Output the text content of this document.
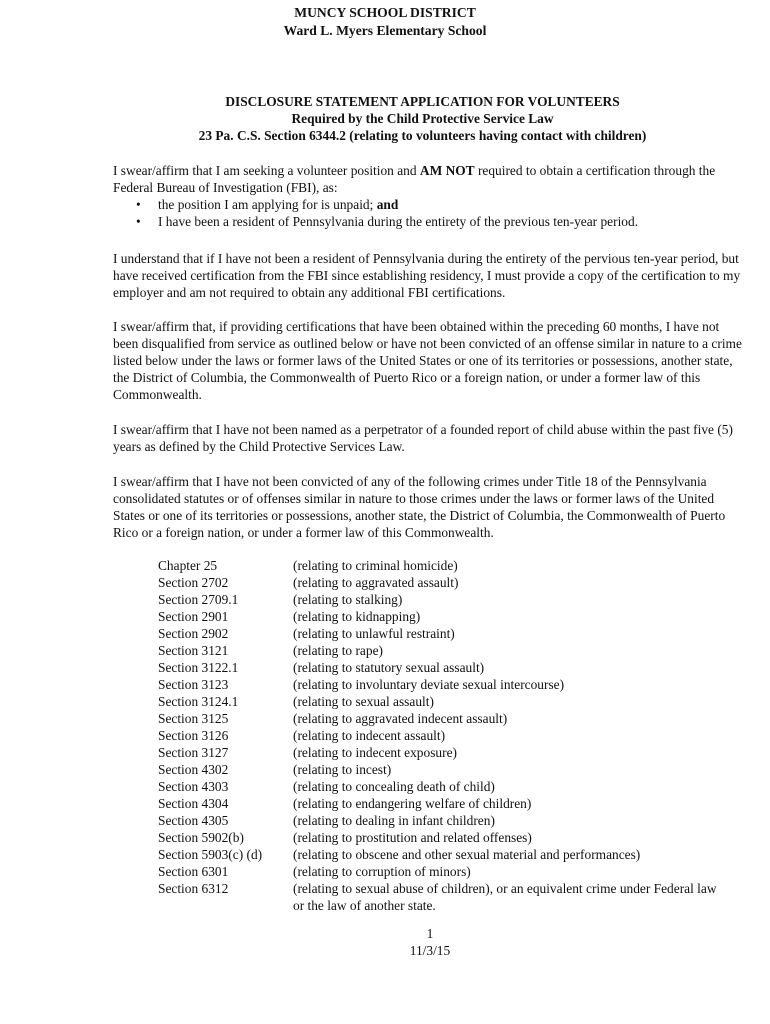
MUNCY SCHOOL DISTRICT
Ward L. Myers Elementary School
DISCLOSURE STATEMENT APPLICATION FOR VOLUNTEERS
Required by the Child Protective Service Law
23 Pa. C.S. Section 6344.2 (relating to volunteers having contact with children)
I swear/affirm that I am seeking a volunteer position and AM NOT required to obtain a certification through the Federal Bureau of Investigation (FBI), as:
• the position I am applying for is unpaid; and
• I have been a resident of Pennsylvania during the entirety of the previous ten-year period.

I understand that if I have not been a resident of Pennsylvania during the entirety of the pervious ten-year period, but have received certification from the FBI since establishing residency, I must provide a copy of the certification to my employer and am not required to obtain any additional FBI certifications.

I swear/affirm that, if providing certifications that have been obtained within the preceding 60 months, I have not been disqualified from service as outlined below or have not been convicted of an offense similar in nature to a crime listed below under the laws or former laws of the United States or one of its territories or possessions, another state, the District of Columbia, the Commonwealth of Puerto Rico or a foreign nation, or under a former law of this Commonwealth.

I swear/affirm that I have not been named as a perpetrator of a founded report of child abuse within the past five (5) years as defined by the Child Protective Services Law.

I swear/affirm that I have not been convicted of any of the following crimes under Title 18 of the Pennsylvania consolidated statutes or of offenses similar in nature to those crimes under the laws or former laws of the United States or one of its territories or possessions, another state, the District of Columbia, the Commonwealth of Puerto Rico or a foreign nation, or under a former law of this Commonwealth.

Chapter 25	(relating to criminal homicide)
Section 2702	(relating to aggravated assault)
Section 2709.1	(relating to stalking)
Section 2901	(relating to kidnapping)
Section 2902	(relating to unlawful restraint)
Section 3121	(relating to rape)
Section 3122.1	(relating to statutory sexual assault)
Section 3123	(relating to involuntary deviate sexual intercourse)
Section 3124.1	(relating to sexual assault)
Section 3125	(relating to aggravated indecent assault)
Section 3126	(relating to indecent assault)
Section 3127	(relating to indecent exposure)
Section 4302	(relating to incest)
Section 4303	(relating to concealing death of child)
Section 4304	(relating to endangering welfare of children)
Section 4305	(relating to dealing in infant children)
Section 5902(b)	(relating to prostitution and related offenses)
Section 5903(c) (d)	(relating to obscene and other sexual material and performances)
Section 6301	(relating to corruption of minors)
Section 6312	(relating to sexual abuse of children), or an equivalent crime under Federal law or the law of another state.
1
11/3/15
